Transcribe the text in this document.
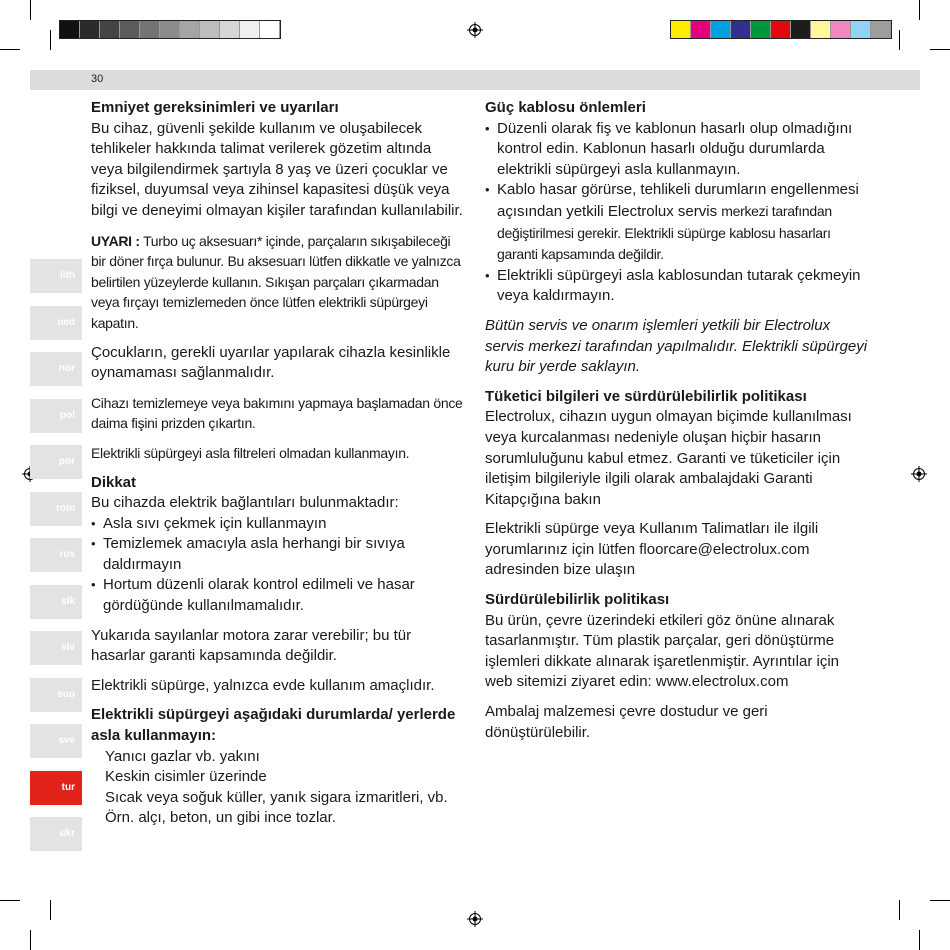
30
lith
ned
nor
pol
por
rom
rus
slk
slv
suo
sve
tur
ukr
Emniyet gereksinimleri ve uyarıları

Bu cihaz, güvenli şekilde kullanım ve oluşabilecek tehlikeler hakkında talimat verilerek gözetim altında veya bilgilendirmek şartıyla 8 yaş ve üzeri çocuklar ve fiziksel, duyumsal veya zihinsel kapasitesi düşük veya bilgi ve deneyimi olmayan kişiler tarafından kullanılabilir.

UYARI : Turbo uç aksesuarı* içinde, parçaların sıkışabileceği bir döner fırça bulunur. Bu aksesuarı lütfen dikkatle ve yalnızca belirtilen yüzeylerde kullanın. Sıkışan parçaları çıkarmadan veya fırçayı temizlemeden önce lütfen elektrikli süpürgeyi kapatın.

Çocukların, gerekli uyarılar yapılarak cihazla kesinlikle oynamaması sağlanmalıdır.

Cihazı temizlemeye veya bakımını yapmaya başlamadan önce daima fişini prizden çıkartın.

Elektrikli süpürgeyi asla filtreleri olmadan kullanmayın.

Dikkat
Bu cihazda elektrik bağlantıları bulunmaktadır:
• Asla sıvı çekmek için kullanmayın
• Temizlemek amacıyla asla herhangi bir sıvıya daldırmayın
• Hortum düzenli olarak kontrol edilmeli ve hasar gördüğünde kullanılmamalıdır.

Yukarıda sayılanlar motora zarar verebilir; bu tür hasarlar garanti kapsamında değildir.

Elektrikli süpürge, yalnızca evde kullanım amaçlıdır.

Elektrikli süpürgeyi aşağıdaki durumlarda/ yerlerde asla kullanmayın:
Yanıcı gazlar vb. yakını
Keskin cisimler üzerinde
Sıcak veya soğuk küller, yanık sigara izmaritleri, vb.
Örn. alçı, beton, un gibi ince tozlar.
Güç kablosu önlemleri
• Düzenli olarak fiş ve kablonun hasarlı olup olmadığını kontrol edin. Kablonun hasarlı olduğu durumlarda elektrikli süpürgeyi asla kullanmayın.
• Kablo hasar görürse, tehlikeli durumların engellenmesi açısından yetkili Electrolux servis merkezi tarafından değiştirilmesi gerekir. Elektrikli süpürge kablosu hasarları garanti kapsamında değildir.
• Elektrikli süpürgeyi asla kablosundan tutarak çekmeyin veya kaldırmayın.

Bütün servis ve onarım işlemleri yetkili bir Electrolux servis merkezi tarafından yapılmalıdır. Elektrikli süpürgeyi kuru bir yerde saklayın.

Tüketici bilgileri ve sürdürülebilirlik politikası

Electrolux, cihazın uygun olmayan biçimde kullanılması veya kurcalanması nedeniyle oluşan hiçbir hasarın sorumluluğunu kabul etmez. Garanti ve tüketiciler için iletişim bilgileriyle ilgili olarak ambalajdaki Garanti Kitapçığına bakın

Elektrikli süpürge veya Kullanım Talimatları ile ilgili yorumlarınız için lütfen floorcare@electrolux.com adresinden bize ulaşın

Sürdürülebilirlik politikası

Bu ürün, çevre üzerindeki etkileri göz önüne alınarak tasarlanmıştır. Tüm plastik parçalar, geri dönüştürme işlemleri dikkate alınarak işaretlenmiştir. Ayrıntılar için web sitemizi ziyaret edin: www.electrolux.com

Ambalaj malzemesi çevre dostudur ve geri dönüştürülebilir.
